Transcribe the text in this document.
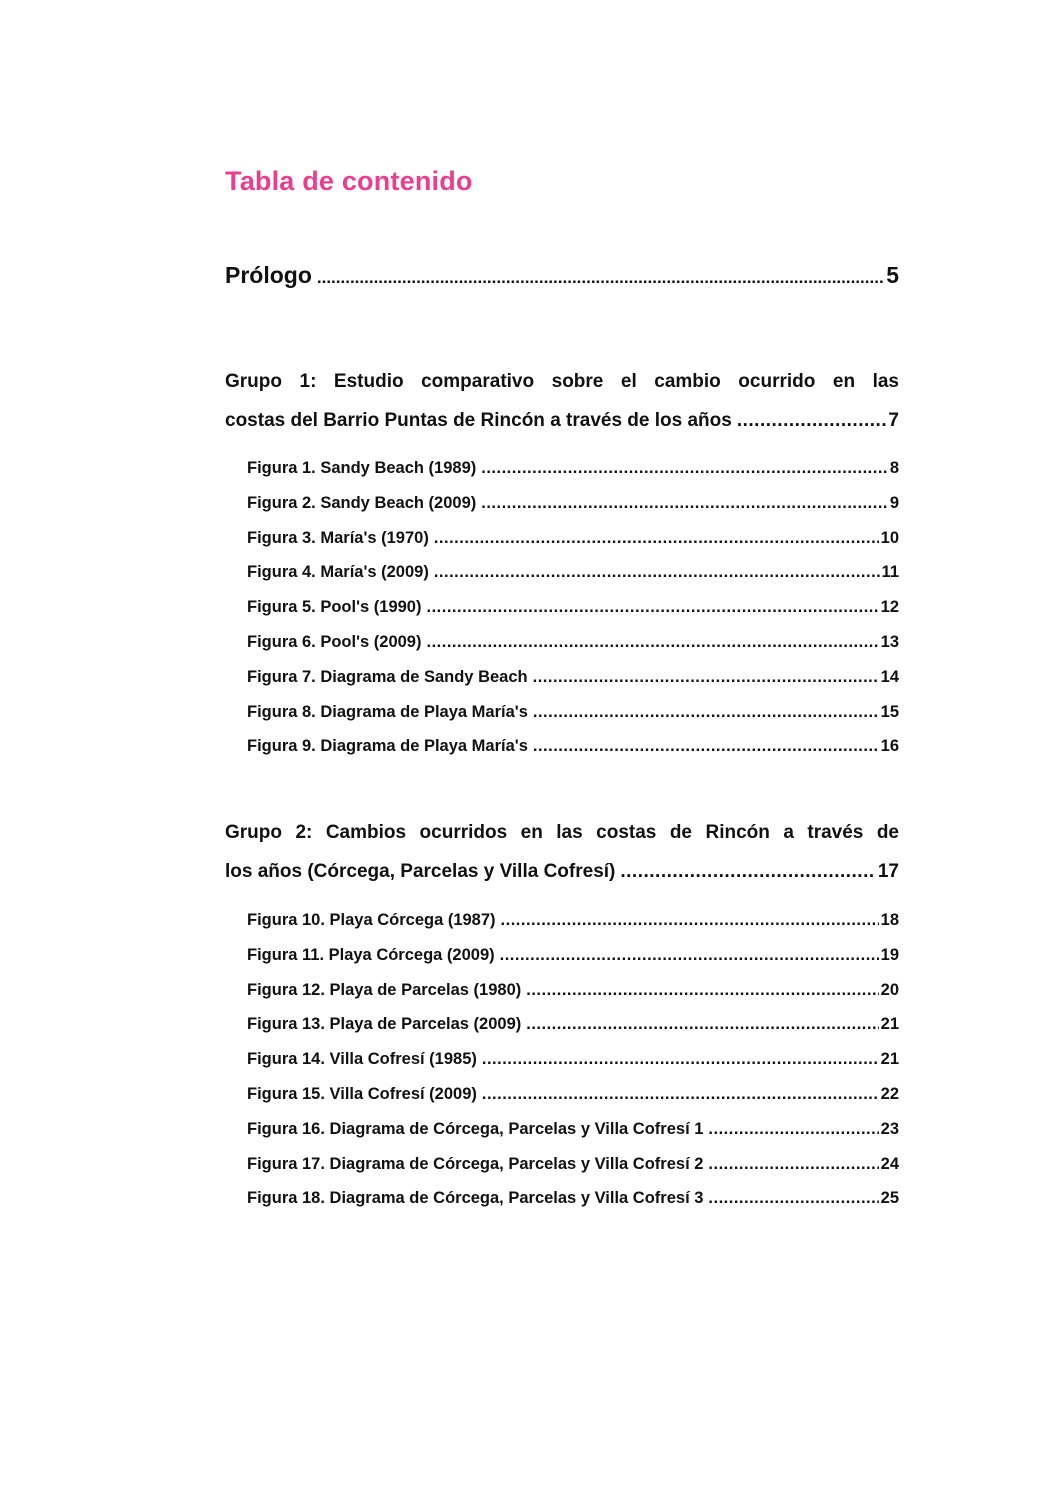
Tabla de contenido
Prólogo .....	5
Grupo 1: Estudio comparativo sobre el cambio ocurrido en las
costas del Barrio Puntas de Rincón a través de los años .....	7
Figura 1. Sandy Beach (1989) .....	8
Figura 2. Sandy Beach (2009) .....	9
Figura 3. María's (1970) .....	10
Figura 4. María's (2009) .....	11
Figura 5. Pool's (1990) .....	12
Figura 6. Pool's (2009) .....	13
Figura 7. Diagrama de Sandy Beach .....	14
Figura 8. Diagrama de Playa María's .....	15
Figura 9. Diagrama de Playa María's .....	16
Grupo 2: Cambios ocurridos en las costas de Rincón a través de
los años (Córcega, Parcelas y Villa Cofresí) .....	17
Figura 10. Playa Córcega (1987) .....	18
Figura 11. Playa Córcega (2009) .....	19
Figura 12. Playa de Parcelas (1980) .....	20
Figura 13. Playa de Parcelas (2009) .....	21
Figura 14. Villa Cofresí (1985) .....	21
Figura 15. Villa Cofresí (2009) .....	22
Figura 16. Diagrama de Córcega, Parcelas y Villa Cofresí 1 .....	23
Figura 17. Diagrama de Córcega, Parcelas y Villa Cofresí 2 .....	24
Figura 18. Diagrama de Córcega, Parcelas y Villa Cofresí 3 .....	25
